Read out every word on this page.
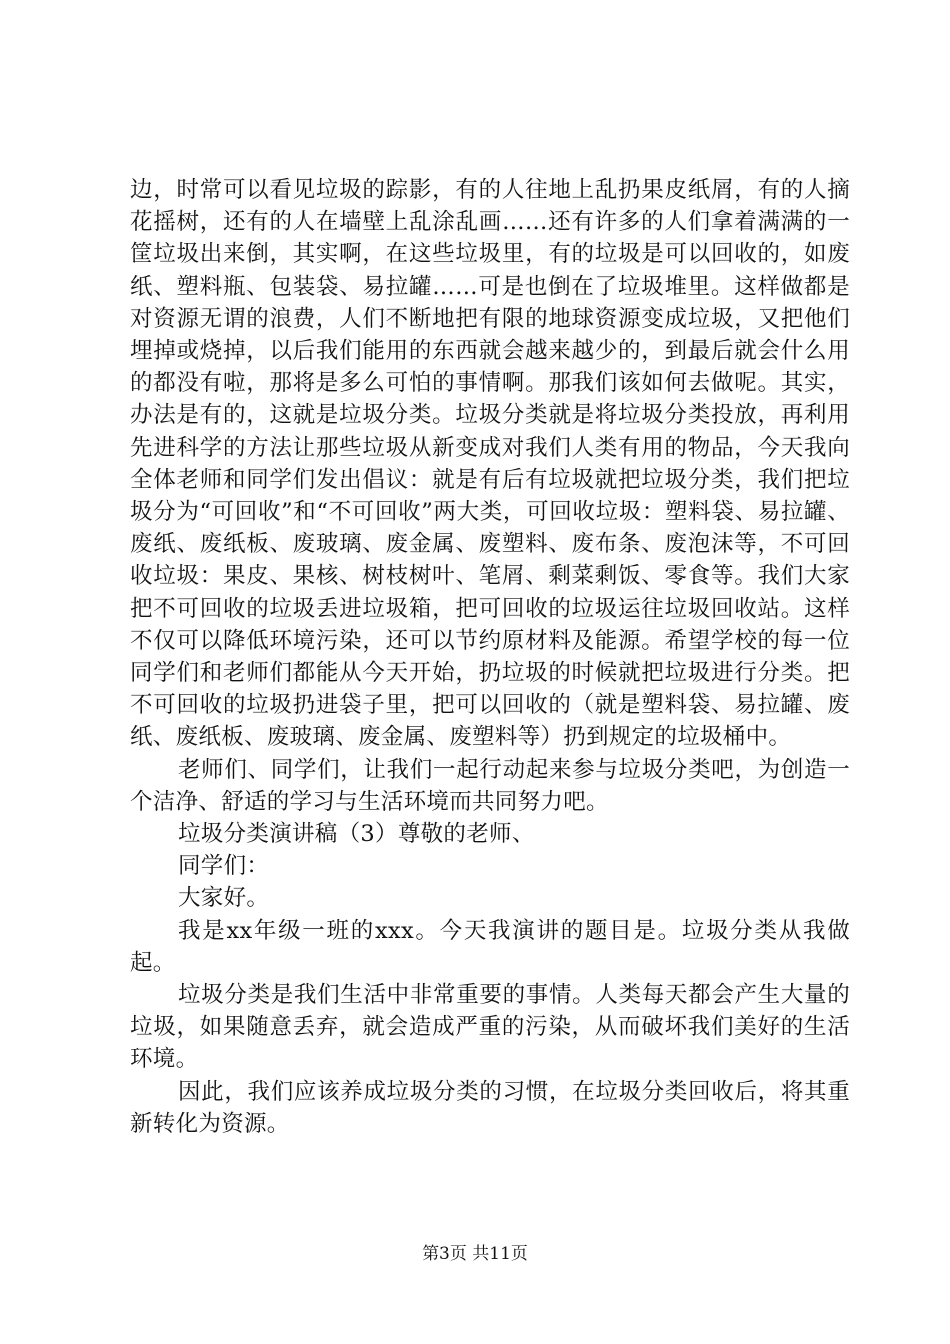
边，时常可以看见垃圾的踪影，有的人往地上乱扔果皮纸屑，有的人摘花摇树，还有的人在墙壁上乱涂乱画……还有许多的人们拿着满满的一筐垃圾出来倒，其实啊，在这些垃圾里，有的垃圾是可以回收的，如废纸、塑料瓶、包装袋、易拉罐……可是也倒在了垃圾堆里。这样做都是对资源无谓的浪费，人们不断地把有限的地球资源变成垃圾，又把他们埋掉或烧掉，以后我们能用的东西就会越来越少的，到最后就会什么用的都没有啦，那将是多么可怕的事情啊。那我们该如何去做呢。其实，办法是有的，这就是垃圾分类。垃圾分类就是将垃圾分类投放，再利用先进科学的方法让那些垃圾从新变成对我们人类有用的物品，今天我向全体老师和同学们发出倡议：就是有后有垃圾就把垃圾分类，我们把垃圾分为“可回收”和“不可回收”两大类，可回收垃圾：塑料袋、易拉罐、废纸、废纸板、废玻璃、废金属、废塑料、废布条、废泡沫等，不可回收垃圾：果皮、果核、树枝树叶、笔屑、剩菜剩饭、零食等。我们大家把不可回收的垃圾丢进垃圾箱，把可回收的垃圾运往垃圾回收站。这样不仅可以降低环境污染，还可以节约原材料及能源。希望学校的每一位同学们和老师们都能从今天开始，扔垃圾的时候就把垃圾进行分类。把不可回收的垃圾扔进袋子里，把可以回收的（就是塑料袋、易拉罐、废纸、废纸板、废玻璃、废金属、废塑料等）扔到规定的垃圾桶中。

老师们、同学们，让我们一起行动起来参与垃圾分类吧，为创造一个洁净、舒适的学习与生活环境而共同努力吧。

垃圾分类演讲稿（3）尊敬的老师、

同学们：

大家好。

我是xx年级一班的xxx。今天我演讲的题目是。垃圾分类从我做起。

垃圾分类是我们生活中非常重要的事情。人类每天都会产生大量的垃圾，如果随意丢弃，就会造成严重的污染，从而破坏我们美好的生活环境。

因此，我们应该养成垃圾分类的习惯，在垃圾分类回收后，将其重新转化为资源。

第3页 共11页
